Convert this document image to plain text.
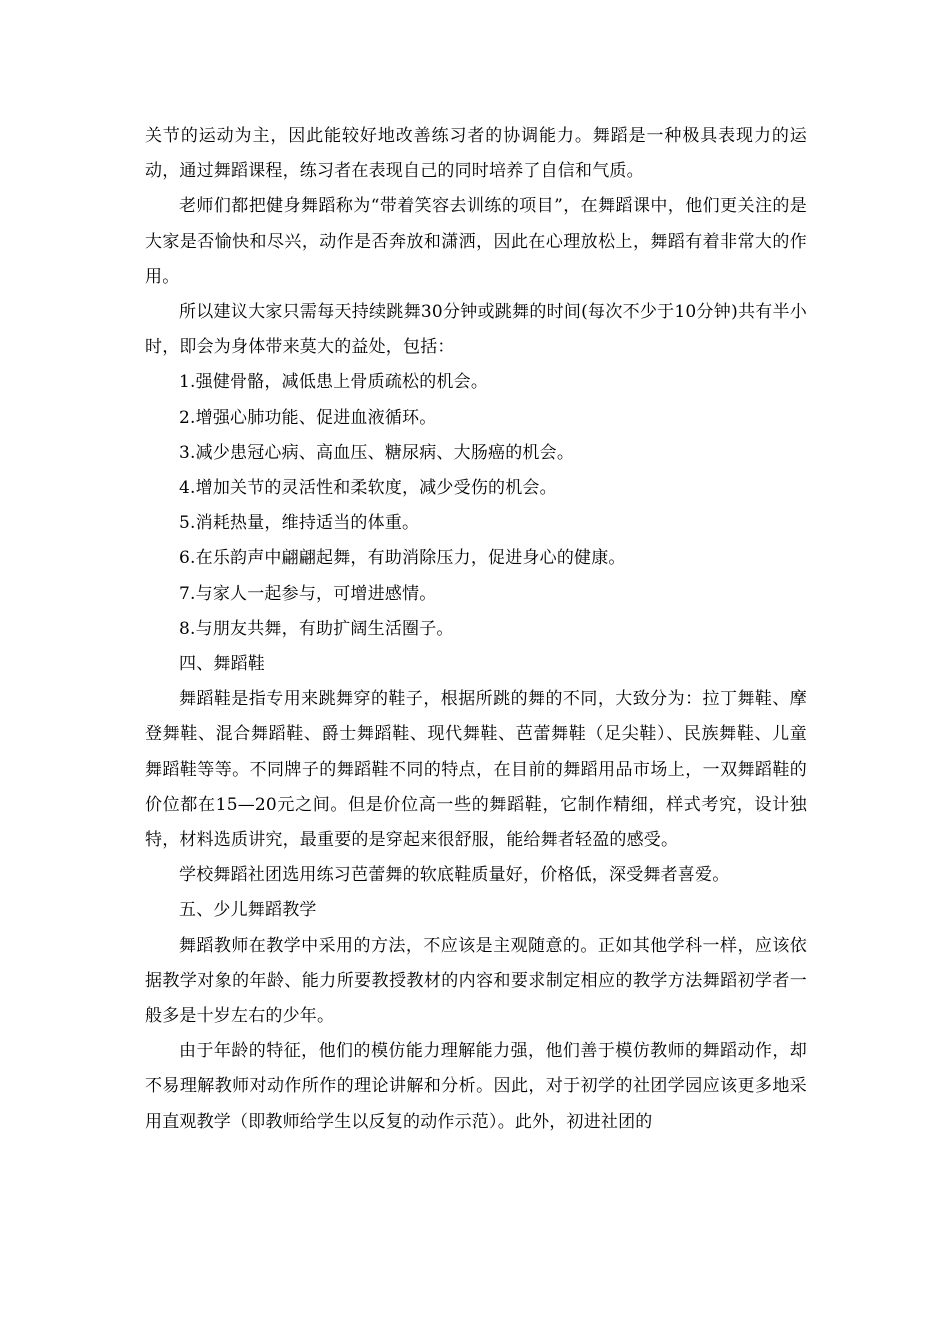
关节的运动为主，因此能较好地改善练习者的协调能力。舞蹈是一种极具表现力的运动，通过舞蹈课程，练习者在表现自己的同时培养了自信和气质。

老师们都把健身舞蹈称为“带着笑容去训练的项目”，在舞蹈课中，他们更关注的是大家是否愉快和尽兴，动作是否奔放和潇洒，因此在心理放松上，舞蹈有着非常大的作用。

所以建议大家只需每天持续跳舞30分钟或跳舞的时间(每次不少于10分钟)共有半小时，即会为身体带来莫大的益处，包括：

1.强健骨骼，减低患上骨质疏松的机会。

2.增强心肺功能、促进血液循环。

3.减少患冠心病、高血压、糖尿病、大肠癌的机会。

4.增加关节的灵活性和柔软度，减少受伤的机会。

5.消耗热量，维持适当的体重。

6.在乐韵声中翩翩起舞，有助消除压力，促进身心的健康。

7.与家人一起参与，可增进感情。

8.与朋友共舞，有助扩阔生活圈子。

四、舞蹈鞋

舞蹈鞋是指专用来跳舞穿的鞋子，根据所跳的舞的不同，大致分为：拉丁舞鞋、摩登舞鞋、混合舞蹈鞋、爵士舞蹈鞋、现代舞鞋、芭蕾舞鞋（足尖鞋）、民族舞鞋、儿童舞蹈鞋等等。不同牌子的舞蹈鞋不同的特点，在目前的舞蹈用品市场上，一双舞蹈鞋的价位都在15—20元之间。但是价位高一些的舞蹈鞋，它制作精细，样式考究，设计独特，材料选质讲究，最重要的是穿起来很舒服，能给舞者轻盈的感受。

学校舞蹈社团选用练习芭蕾舞的软底鞋质量好，价格低，深受舞者喜爱。

五、少儿舞蹈教学

舞蹈教师在教学中采用的方法，不应该是主观随意的。正如其他学科一样，应该依据教学对象的年龄、能力所要教授教材的内容和要求制定相应的教学方法舞蹈初学者一般多是十岁左右的少年。

由于年龄的特征，他们的模仿能力理解能力强，他们善于模仿教师的舞蹈动作，却不易理解教师对动作所作的理论讲解和分析。因此，对于初学的社团学园应该更多地采用直观教学（即教师给学生以反复的动作示范）。此外，初进社团的
